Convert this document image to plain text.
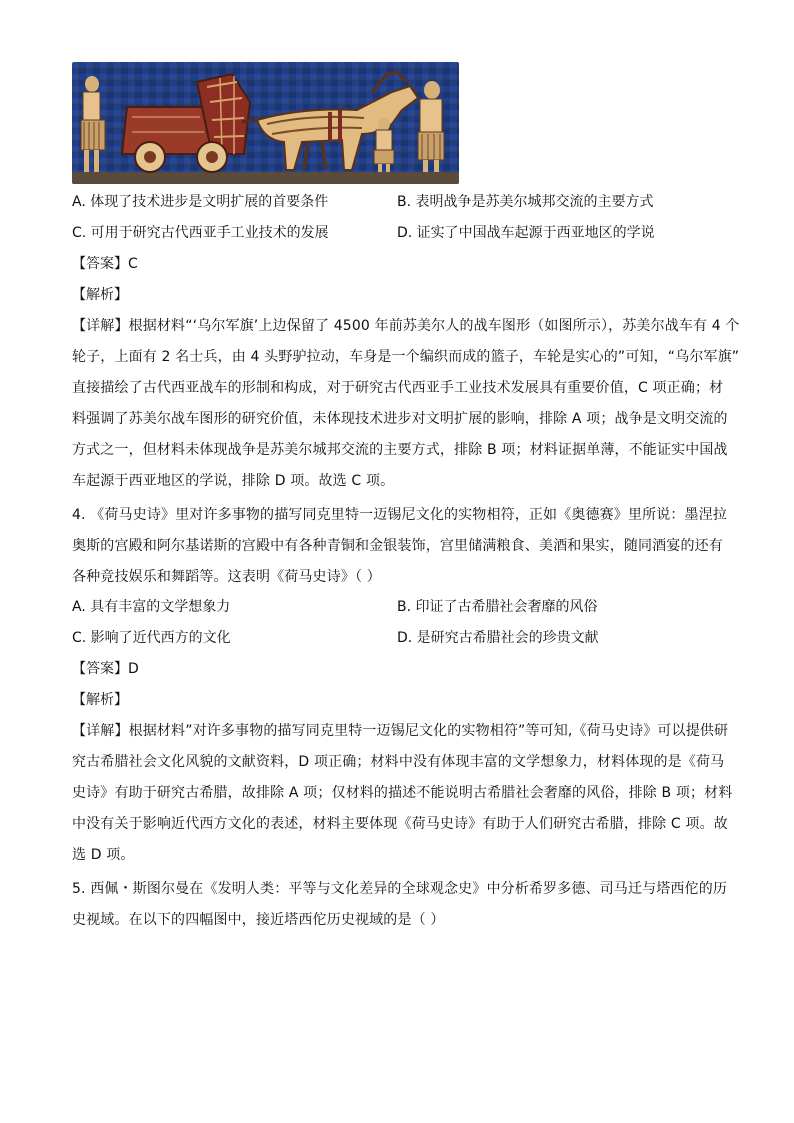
A. 体现了技术进步是文明扩展的首要条件	B. 表明战争是苏美尔城邦交流的主要方式
C. 可用于研究古代西亚手工业技术的发展	D. 证实了中国战车起源于西亚地区的学说
【答案】C
【解析】
【详解】根据材料“‘乌尔军旗’上边保留了 4500 年前苏美尔人的战车图形（如图所示），苏美尔战车有 4 个
轮子，上面有 2 名士兵，由 4 头野驴拉动，车身是一个编织而成的篮子，车轮是实心的”可知，“乌尔军旗”
直接描绘了古代西亚战车的形制和构成，对于研究古代西亚手工业技术发展具有重要价值，C 项正确；材
料强调了苏美尔战车图形的研究价值，未体现技术进步对文明扩展的影响，排除 A 项；战争是文明交流的
方式之一，但材料未体现战争是苏美尔城邦交流的主要方式，排除 B 项；材料证据单薄，不能证实中国战
车起源于西亚地区的学说，排除 D 项。故选 C 项。
4. 《荷马史诗》里对许多事物的描写同克里特一迈锡尼文化的实物相符，正如《奥德赛》里所说：墨涅拉
奥斯的宫殿和阿尔基诺斯的宫殿中有各种青铜和金银装饰，宫里储满粮食、美酒和果实，随同酒宴的还有
各种竞技娱乐和舞蹈等。这表明《荷马史诗》（ ）
A. 具有丰富的文学想象力	B. 印证了古希腊社会奢靡的风俗
C. 影响了近代西方的文化	D. 是研究古希腊社会的珍贵文献
【答案】D
【解析】
【详解】根据材料”对许多事物的描写同克里特一迈锡尼文化的实物相符”等可知,《荷马史诗》可以提供研
究古希腊社会文化风貌的文献资料，D 项正确；材料中没有体现丰富的文学想象力，材料体现的是《荷马
史诗》有助于研究古希腊，故排除 A 项；仅材料的描述不能说明古希腊社会奢靡的风俗，排除 B 项；材料
中没有关于影响近代西方文化的表述，材料主要体现《荷马史诗》有助于人们研究古希腊，排除 C 项。故
选 D 项。
5. 西佩・斯图尔曼在《发明人类：平等与文化差异的全球观念史》中分析希罗多德、司马迁与塔西佗的历
史视域。在以下的四幅图中，接近塔西佗历史视域的是（ ）
